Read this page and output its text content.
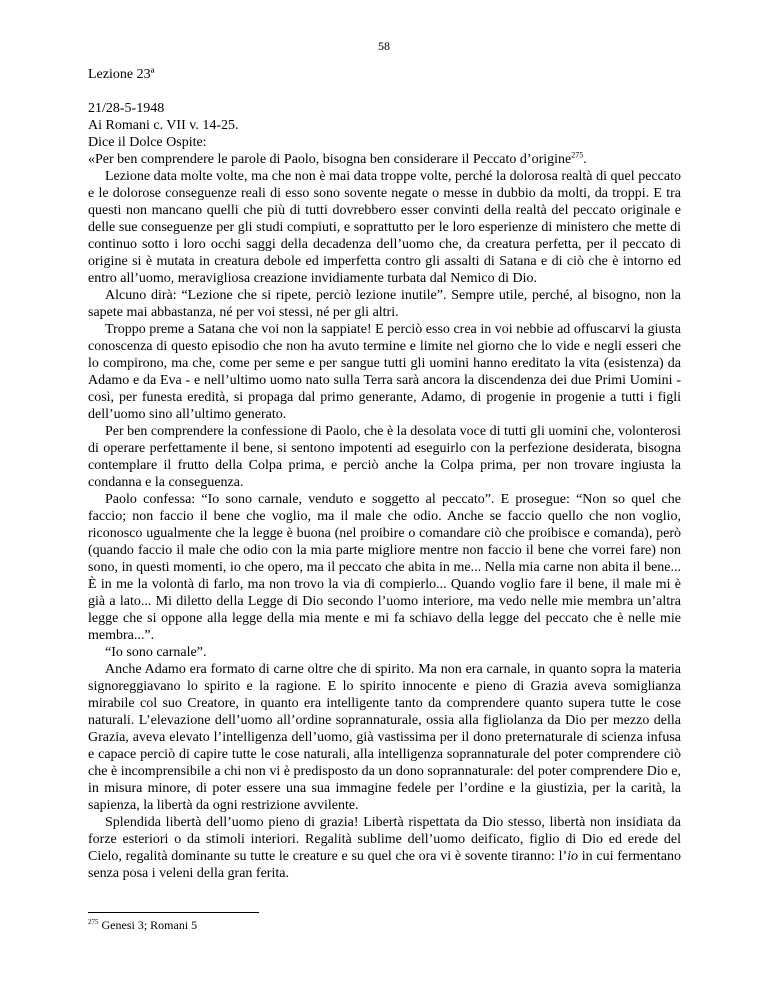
58

Lezione 23ª

21/28-5-1948

Ai Romani c. VII v. 14-25.

Dice il Dolce Ospite:

«Per ben comprendere le parole di Paolo, bisogna ben considerare il Peccato d’origine$^{275}$.

Lezione data molte volte, ma che non è mai data troppe volte, perché la dolorosa realtà di quel peccato e le dolorose conseguenze reali di esso sono sovente negate o messe in dubbio da molti, da troppi. E tra questi non mancano quelli che più di tutti dovrebbero esser convinti della realtà del peccato originale e delle sue conseguenze per gli studi compiuti, e soprattutto per le loro esperienze di ministero che mette di continuo sotto i loro occhi saggi della decadenza dell’uomo che, da creatura perfetta, per il peccato di origine si è mutata in creatura debole ed imperfetta contro gli assalti di Satana e di ciò che è intorno ed entro all’uomo, meravigliosa creazione invidiamente turbata dal Nemico di Dio.

Alcuno dirà: “Lezione che si ripete, perciò lezione inutile”. Sempre utile, perché, al bisogno, non la sapete mai abbastanza, né per voi stessi, né per gli altri.

Troppo preme a Satana che voi non la sappiate! E perciò esso crea in voi nebbie ad offuscarvi la giusta conoscenza di questo episodio che non ha avuto termine e limite nel giorno che lo vide e negli esseri che lo compirono, ma che, come per seme e per sangue tutti gli uomini hanno ereditato la vita (esistenza) da Adamo e da Eva - e nell’ultimo uomo nato sulla Terra sarà ancora la discendenza dei due Primi Uomini - così, per funesta eredità, si propaga dal primo generante, Adamo, di progenie in progenie a tutti i figli dell’uomo sino all’ultimo generato.

Per ben comprendere la confessione di Paolo, che è la desolata voce di tutti gli uomini che, volonterosi di operare perfettamente il bene, si sentono impotenti ad eseguirlo con la perfezione desiderata, bisogna contemplare il frutto della Colpa prima, e perciò anche la Colpa prima, per non trovare ingiusta la condanna e la conseguenza.

Paolo confessa: “Io sono carnale, venduto e soggetto al peccato”. E prosegue: “Non so quel che faccio; non faccio il bene che voglio, ma il male che odio. Anche se faccio quello che non voglio, riconosco ugualmente che la legge è buona (nel proibire o comandare ciò che proibisce e comanda), però (quando faccio il male che odio con la mia parte migliore mentre non faccio il bene che vorrei fare) non sono, in questi momenti, io che opero, ma il peccato che abita in me... Nella mia carne non abita il bene... È in me la volontà di farlo, ma non trovo la via di compierlo... Quando voglio fare il bene, il male mi è già a lato... Mi diletto della Legge di Dio secondo l’uomo interiore, ma vedo nelle mie membra un’altra legge che si oppone alla legge della mia mente e mi fa schiavo della legge del peccato che è nelle mie membra...”.

“Io sono carnale”.

Anche Adamo era formato di carne oltre che di spirito. Ma non era carnale, in quanto sopra la materia signoreggiavano lo spirito e la ragione. E lo spirito innocente e pieno di Grazia aveva somiglianza mirabile col suo Creatore, in quanto era intelligente tanto da comprendere quanto supera tutte le cose naturali. L’elevazione dell’uomo all’ordine soprannaturale, ossia alla figliolanza da Dio per mezzo della Grazia, aveva elevato l’intelligenza dell’uomo, già vastissima per il dono preternaturale di scienza infusa e capace perciò di capire tutte le cose naturali, alla intelligenza soprannaturale del poter comprendere ciò che è incomprensibile a chi non vi è predisposto da un dono soprannaturale: del poter comprendere Dio e, in misura minore, di poter essere una sua immagine fedele per l’ordine e la giustizia, per la carità, la sapienza, la libertà da ogni restrizione avvilente.

Splendida libertà dell’uomo pieno di grazia! Libertà rispettata da Dio stesso, libertà non insidiata da forze esteriori o da stimoli interiori. Regalità sublime dell’uomo deificato, figlio di Dio ed erede del Cielo, regalità dominante su tutte le creature e su quel che ora vi è sovente tiranno: l’io in cui fermentano senza posa i veleni della gran ferita.

$^{275}$ Genesi 3; Romani 5
